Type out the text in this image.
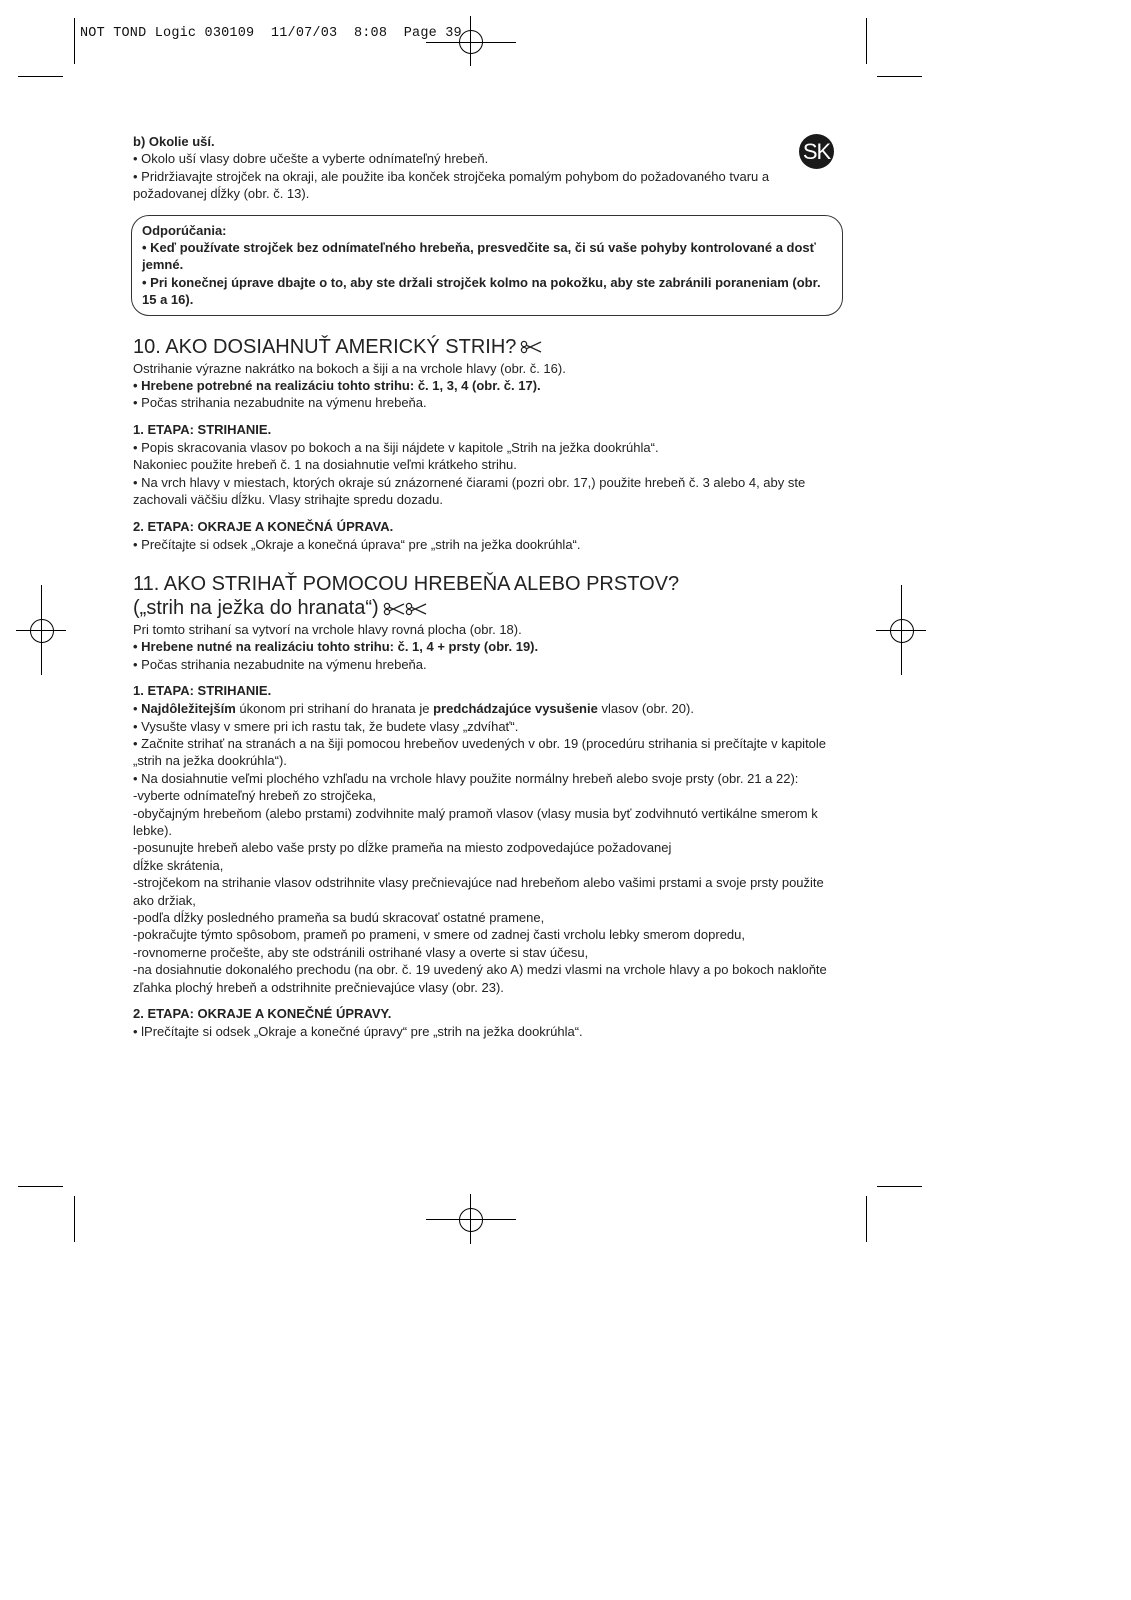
NOT TOND Logic 030109  11/07/03  8:08  Page 39
SK

b) Okolie uší.

• Okolo uší vlasy dobre učešte a vyberte odnímateľný hrebeň.

• Pridržiavajte strojček na okraji, ale použite iba konček strojčeka pomalým pohybom do požadovaného tvaru a požadovanej dĺžky (obr. č. 13).

Odporúčania:

• Keď používate strojček bez odnímateľného hrebeňa, presvedčite sa, či sú vaše pohyby kontrolované a dosť jemné.

• Pri konečnej úprave dbajte o to, aby ste držali strojček kolmo na pokožku, aby ste zabránili poraneniam (obr. 15 a 16).

10. AKO DOSIAHNUŤ AMERICKÝ STRIH?

Ostrihanie výrazne nakrátko na bokoch a šiji a na vrchole hlavy (obr. č. 16).

• Hrebene potrebné na realizáciu tohto strihu: č. 1, 3, 4 (obr. č. 17).

• Počas strihania nezabudnite na výmenu hrebeňa.

1. ETAPA: STRIHANIE.

• Popis skracovania vlasov po bokoch a na šiji nájdete v kapitole „Strih na ježka dookrúhla“.

Nakoniec použite hrebeň č. 1 na dosiahnutie veľmi krátkeho strihu.

• Na vrch hlavy v miestach, ktorých okraje sú znázornené čiarami (pozri obr. 17,) použite hrebeň č. 3 alebo 4, aby ste zachovali väčšiu dĺžku. Vlasy strihajte spredu dozadu.

2. ETAPA: OKRAJE A KONEČNÁ ÚPRAVA.

• Prečítajte si odsek „Okraje a konečná úprava“ pre „strih na ježka dookrúhla“.

11. AKO STRIHAŤ POMOCOU HREBEŇA ALEBO PRSTOV?
(„strih na ježka do hranata“)

Pri tomto strihaní sa vytvorí na vrchole hlavy rovná plocha (obr. 18).

• Hrebene nutné na realizáciu tohto strihu: č. 1, 4 + prsty (obr. 19).

• Počas strihania nezabudnite na výmenu hrebeňa.

1. ETAPA: STRIHANIE.

• Najdôležitejším úkonom pri strihaní do hranata je predchádzajúce vysušenie vlasov (obr. 20).

• Vysušte vlasy v smere pri ich rastu tak, že budete vlasy „zdvíhať“.

• Začnite strihať na stranách a na šiji pomocou hrebeňov uvedených v obr. 19 (procedúru strihania si prečítajte v kapitole „strih na ježka dookrúhla“).

• Na dosiahnutie veľmi plochého vzhľadu na vrchole hlavy použite normálny hrebeň alebo svoje prsty (obr. 21 a 22):

-vyberte odnímateľný hrebeň zo strojčeka,

-obyčajným hrebeňom (alebo prstami) zodvihnite malý pramoň vlasov (vlasy musia byť zodvihnutó vertikálne smerom k lebke).

-posunujte hrebeň alebo vaše prsty po dĺžke prameňa na miesto zodpovedajúce požadovanej

dĺžke skrátenia,

-strojčekom na strihanie vlasov odstrihnite vlasy prečnievajúce nad hrebeňom alebo vašimi prstami a svoje prsty použite ako držiak,

-podľa dĺžky posledného prameňa sa budú skracovať ostatné pramene,

-pokračujte týmto spôsobom, prameň po prameni, v smere od zadnej časti vrcholu lebky smerom dopredu,

-rovnomerne pročešte, aby ste odstránili ostrihané vlasy a overte si stav účesu,

-na dosiahnutie dokonalého prechodu (na obr. č. 19 uvedený ako A) medzi vlasmi na vrchole hlavy a po bokoch nakloňte zľahka plochý hrebeň a odstrihnite prečnievajúce vlasy (obr. 23).

2. ETAPA: OKRAJE A KONEČNÉ ÚPRAVY.

• lPrečítajte si odsek „Okraje a konečné úpravy“ pre „strih na ježka dookrúhla“.
